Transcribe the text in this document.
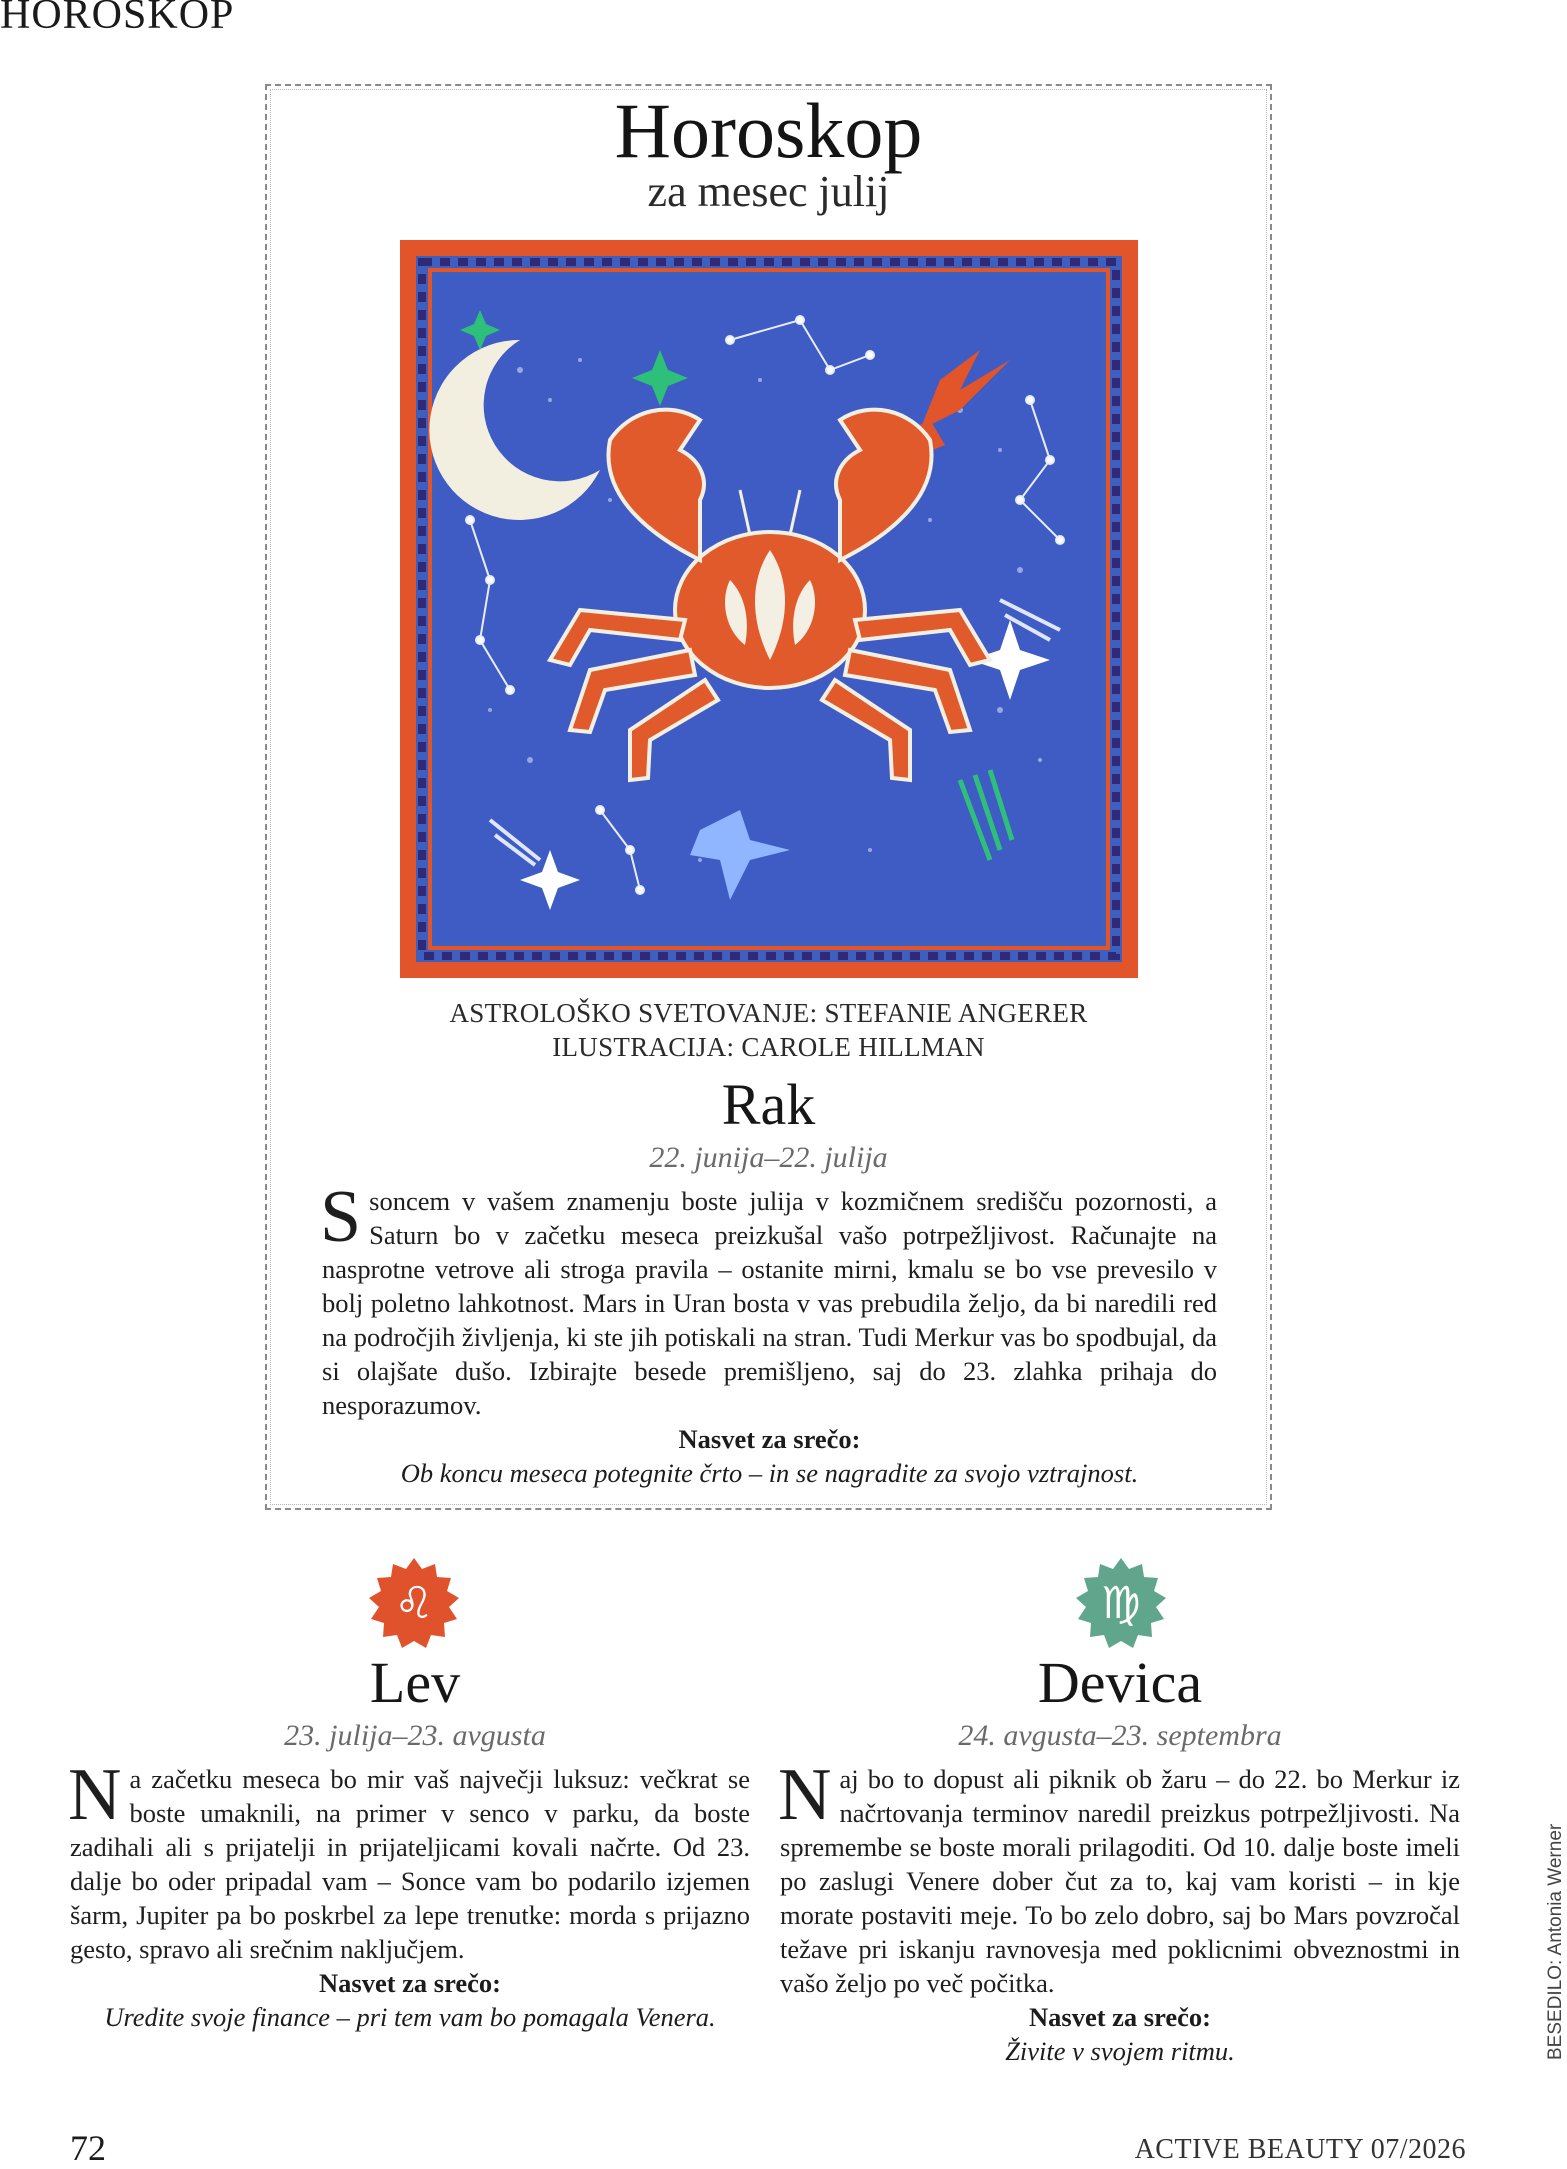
HOROSKOP
Horoskop
za mesec julij
ASTROLOŠKO SVETOVANJE: STEFANIE ANGERER
ILUSTRACIJA: CAROLE HILLMAN
Rak
22. junija–22. julija
Ssoncem v vašem znamenju boste julija v kozmičnem središču pozornosti, a Saturn bo v začetku meseca preizkušal vašo potrpežljivost. Računajte na nasprotne vetrove ali stroga pravila – ostanite mirni, kmalu se bo vse prevesilo v bolj poletno lahkotnost. Mars in Uran bosta v vas prebudila željo, da bi naredili red na področjih življenja, ki ste jih potiskali na stran. Tudi Merkur vas bo spodbujal, da si olajšate dušo. Izbirajte besede premišljeno, saj do 23. zlahka prihaja do nesporazumov.
Nasvet za srečo:
Ob koncu meseca potegnite črto – in se nagradite za svojo vztrajnost.
♌
Lev
23. julija–23. avgusta
Na začetku meseca bo mir vaš največji luksuz: večkrat se boste umaknili, na primer v senco v parku, da boste zadihali ali s prijatelji in prijateljicami kovali načrte. Od 23. dalje bo oder pripadal vam – Sonce vam bo podarilo izjemen šarm, Jupiter pa bo poskrbel za lepe trenutke: morda s prijazno gesto, spravo ali srečnim naključjem.
Nasvet za srečo:
Uredite svoje finance – pri tem vam bo pomagala Venera.
♍
Devica
24. avgusta–23. septembra
Naj bo to dopust ali piknik ob žaru – do 22. bo Merkur iz načrtovanja terminov naredil preizkus potrpežljivosti. Na spremembe se boste morali prilagoditi. Od 10. dalje boste imeli po zaslugi Venere dober čut za to, kaj vam koristi – in kje morate postaviti meje. To bo zelo dobro, saj bo Mars povzročal težave pri iskanju ravnovesja med poklicnimi obveznostmi in vašo željo po več počitka.
Nasvet za srečo:
Živite v svojem ritmu.	BESEDILO: Antonia Werner
72	ACTIVE BEAUTY 07/2026
